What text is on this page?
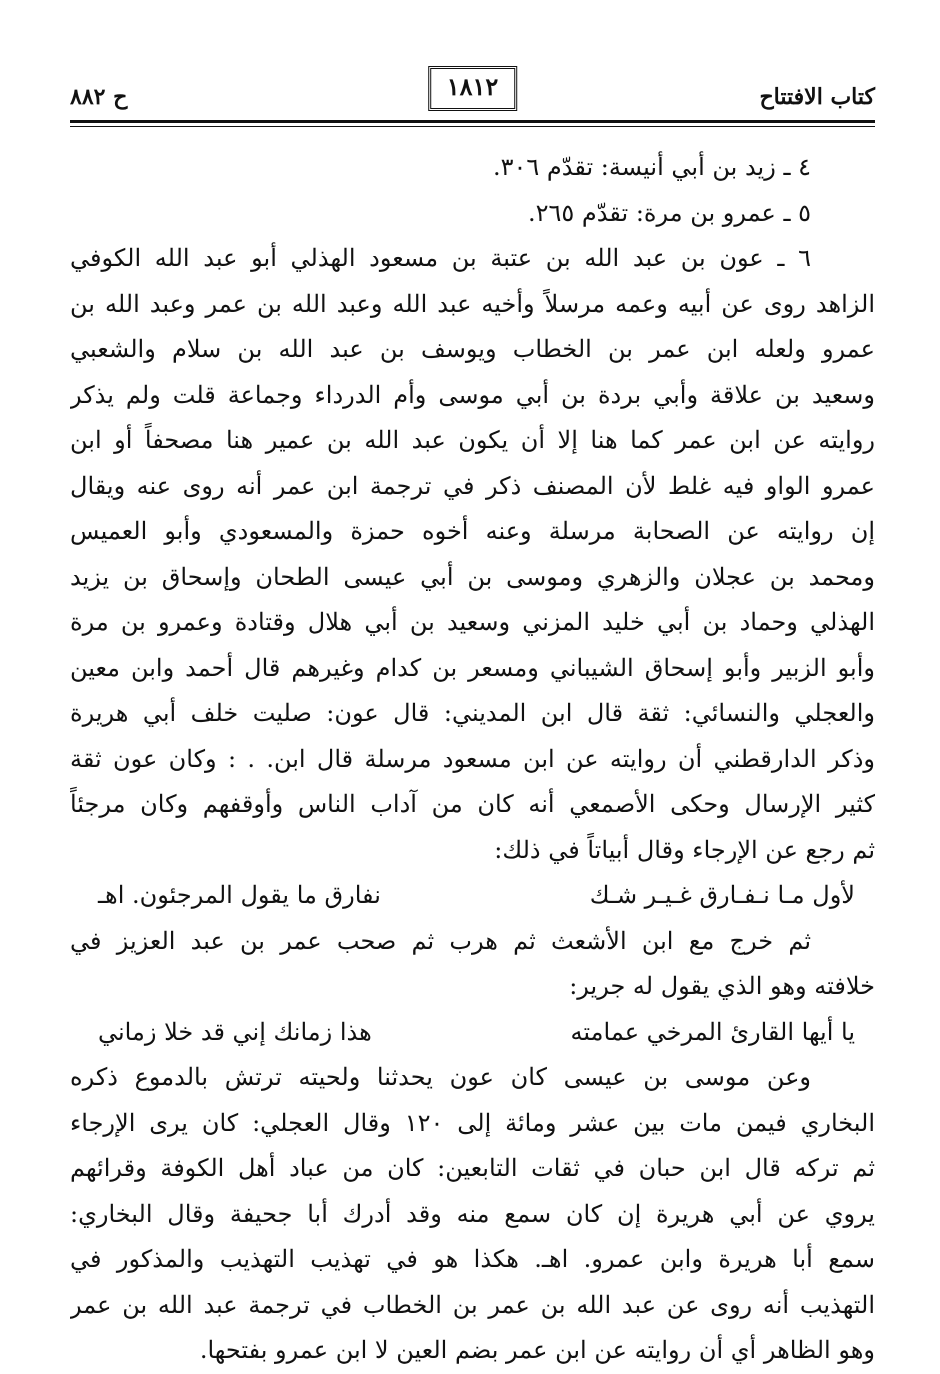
كتاب الافتتاح
١٨١٢
ح ٨٨٢
٤ ـ زيد بن أبي أنيسة: تقدّم ٣٠٦.
٥ ـ عمرو بن مرة: تقدّم ٢٦٥.
٦ ـ عون بن عبد الله بن عتبة بن مسعود الهذلي أبو عبد الله الكوفي
الزاهد روى عن أبيه وعمه مرسلاً وأخيه عبد الله وعبد الله بن عمر وعبد الله بن
عمرو ولعله ابن عمر بن الخطاب ويوسف بن عبد الله بن سلام والشعبي
وسعيد بن علاقة وأبي بردة بن أبي موسى وأم الدرداء وجماعة قلت ولم يذكر
روايته عن ابن عمر كما هنا إلا أن يكون عبد الله بن عمير هنا مصحفاً أو ابن
عمرو الواو فيه غلط لأن المصنف ذكر في ترجمة ابن عمر أنه روى عنه ويقال
إن روايته عن الصحابة مرسلة وعنه أخوه حمزة والمسعودي وأبو العميس
ومحمد بن عجلان والزهري وموسى بن أبي عيسى الطحان وإسحاق بن يزيد
الهذلي وحماد بن أبي خليد المزني وسعيد بن أبي هلال وقتادة وعمرو بن مرة
وأبو الزبير وأبو إسحاق الشيباني ومسعر بن كدام وغيرهم قال أحمد وابن معين
والعجلي والنسائي: ثقة قال ابن المديني: قال عون: صليت خلف أبي هريرة
وذكر الدارقطني أن روايته عن ابن مسعود مرسلة قال ابن. . : وكان عون ثقة
كثير الإرسال وحكى الأصمعي أنه كان من آداب الناس وأوقفهم وكان مرجئاً
ثم رجع عن الإرجاء وقال أبياتاً في ذلك:
لأول مـا نـفـارق غـيـر شـك
نفارق ما يقول المرجئون. اهـ
ثم خرج مع ابن الأشعث ثم هرب ثم صحب عمر بن عبد العزيز في
خلافته وهو الذي يقول له جرير:
يا أيها القارئ المرخي عمامته
هذا زمانك إني قد خلا زماني
وعن موسى بن عيسى كان عون يحدثنا ولحيته ترتش بالدموع ذكره
البخاري فيمن مات بين عشر ومائة إلى ١٢٠ وقال العجلي: كان يرى الإرجاء
ثم تركه قال ابن حبان في ثقات التابعين: كان من عباد أهل الكوفة وقرائهم
يروي عن أبي هريرة إن كان سمع منه وقد أدرك أبا جحيفة وقال البخاري:
سمع أبا هريرة وابن عمرو. اهـ. هكذا هو في تهذيب التهذيب والمذكور في
التهذيب أنه روى عن عبد الله بن عمر بن الخطاب في ترجمة عبد الله بن عمر
وهو الظاهر أي أن روايته عن ابن عمر بضم العين لا ابن عمرو بفتحها.
